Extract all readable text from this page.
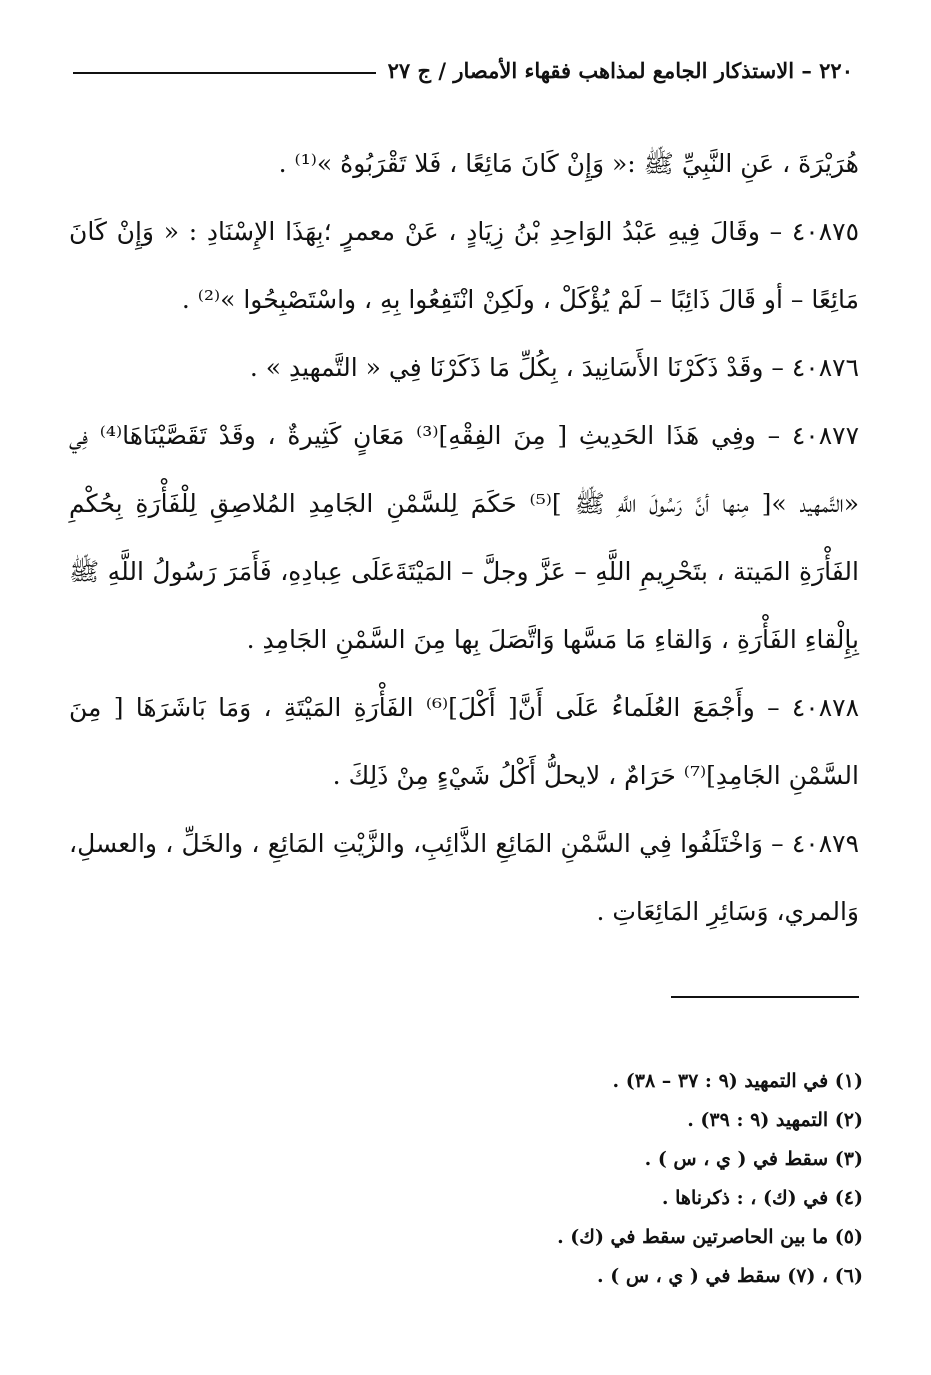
٢٢٠ – الاستذكار الجامع لمذاهب فقهاء الأمصار / ج ٢٧

هُرَيْرَةَ ، عَنِ النَّبِيِّ ﷺ :« وَإِنْ كَانَ مَائِعًا ، فَلا تَقْرَبُوهُ »⁽¹⁾ .

٤٠٨٧٥ – وقَالَ فِيهِ عَبْدُ الوَاحِدِ بْنُ زِيَادٍ ، عَنْ معمرٍ ؛بِهَذَا الإِسْنَادِ : « وَإِنْ كَانَ مَائِعًا – أو قَالَ ذَائِبًا – لَمْ يُؤْكَلْ ، ولَكِنْ انْتَفِعُوا بِهِ ، واسْتَصْبِحُوا »⁽²⁾ .

٤٠٨٧٦ – وقَدْ ذَكَرْنَا الأَسَانِيدَ ، بِكُلِّ مَا ذَكَرْنَا فِي « التَّمهيدِ » .

٤٠٨٧٧ – وفِي هَذَا الحَدِيثِ [ مِنَ الفِقْهِ]⁽³⁾ مَعَانٍ كَثِيرةٌ ، وقَدْ تَقَصَّيْنَاهَا⁽⁴⁾ فِي «التَّمهيد »[ مِنها أنَّ رَسُولَ اللَّهِ ﷺ ]⁽⁵⁾ حَكَمَ لِلسَّمْنِ الجَامِدِ المُلاصِقِ لِلْفَأْرَةِ بِحُكْمِ الفَأْرَةِ المَيتة ، بتَحْرِيمِ اللَّهِ – عَزَّ وجلَّ – المَيْتَةَعَلَى عِبادِهِ، فَأَمَرَ رَسُولُ اللَّهِ ﷺ بِإِلْقاءِ الفَأْرَةِ ، وَالقاءِ مَا مَسَّها وَاتَّصَلَ بِها مِنَ السَّمْنِ الجَامِدِ .

٤٠٨٧٨ – وأَجْمَعَ العُلَماءُ عَلَى أَنَّ[ أَكْلَ]⁽⁶⁾ الفَأْرَةِ المَيْتَةِ ، وَمَا بَاشَرَهَا [ مِنَ السَّمْنِ الجَامِدِ]⁽⁷⁾ حَرَامٌ ، لايحلُّ أَكْلُ شَيْءٍ مِنْ ذَلِكَ .

٤٠٨٧٩ – وَاخْتَلَفُوا فِي السَّمْنِ المَائِعِ الذَّائِبِ، والزَّيْتِ المَائِعِ ، والخَلِّ ، والعسلِ، وَالمري، وَسَائِرِ المَائِعَاتِ .

(١) في التمهيد (٩ : ٣٧ – ٣٨) .
(٢) التمهيد (٩ : ٣٩) .
(٣) سقط في ( ي ، س ) .
(٤) في (ك) ، : ذكرناها .
(٥) ما بين الحاصرتين سقط في (ك) .
(٦) ، (٧) سقط في ( ي ، س ) .
